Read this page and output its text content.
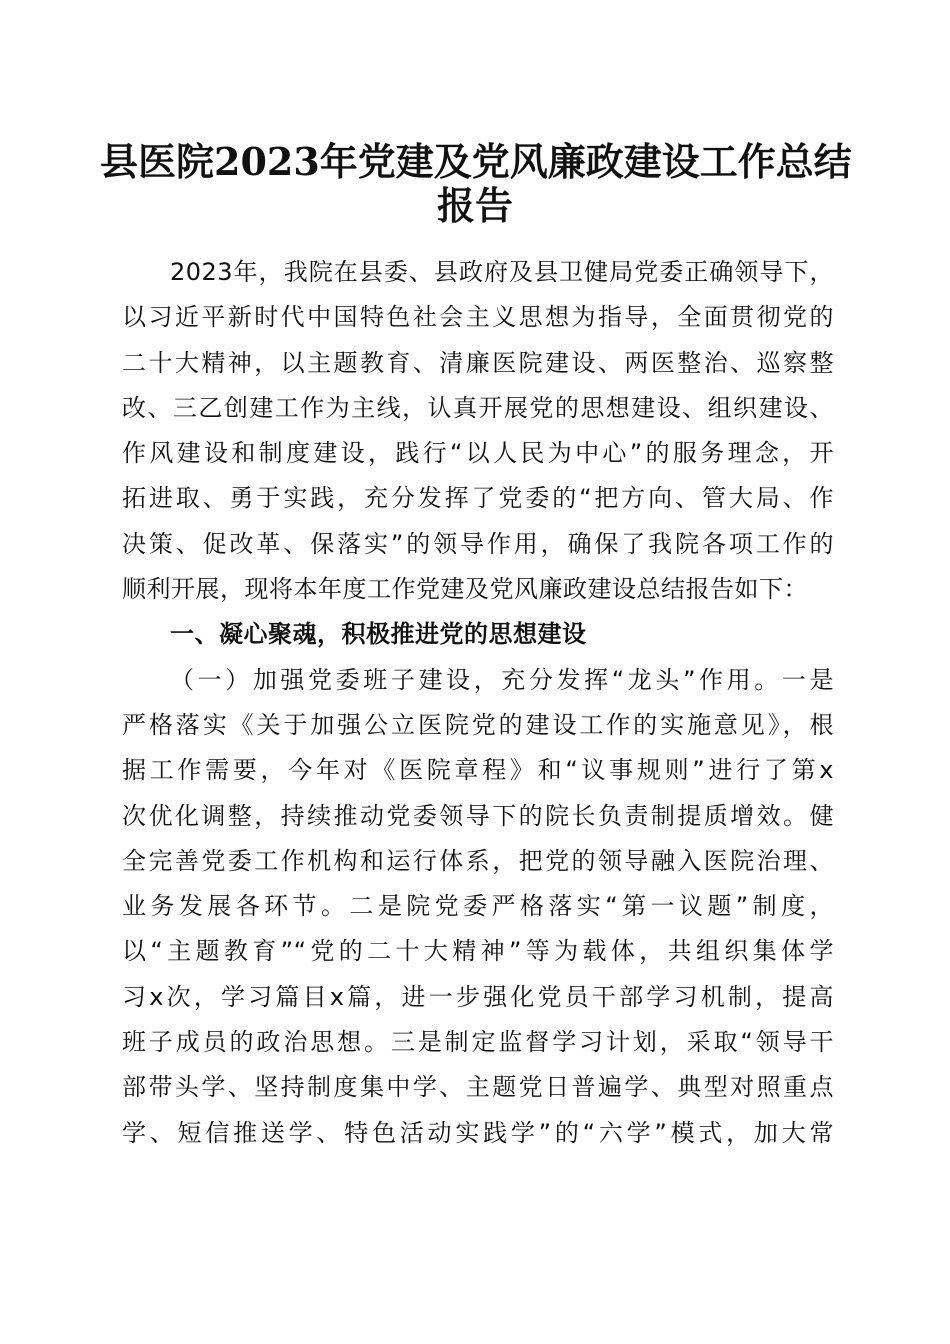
县医院2023年党建及党风廉政建设工作总结
报告
2023年，我院在县委、县政府及县卫健局党委正确领导下，
以习近平新时代中国特色社会主义思想为指导，全面贯彻党的
二十大精神，以主题教育、清廉医院建设、两医整治、巡察整
改、三乙创建工作为主线，认真开展党的思想建设、组织建设、
作风建设和制度建设，践行“以人民为中心”的服务理念，开
拓进取、勇于实践，充分发挥了党委的“把方向、管大局、作
决策、促改革、保落实”的领导作用，确保了我院各项工作的
顺利开展，现将本年度工作党建及党风廉政建设总结报告如下：
一、凝心聚魂，积极推进党的思想建设
（一）加强党委班子建设，充分发挥“龙头”作用。一是
严格落实《关于加强公立医院党的建设工作的实施意见》，根
据工作需要，今年对《医院章程》和“议事规则”进行了第x
次优化调整，持续推动党委领导下的院长负责制提质增效。健
全完善党委工作机构和运行体系，把党的领导融入医院治理、
业务发展各环节。二是院党委严格落实“第一议题”制度，
以“主题教育”“党的二十大精神”等为载体，共组织集体学
习x次，学习篇目x篇，进一步强化党员干部学习机制，提高
班子成员的政治思想。三是制定监督学习计划，采取“领导干
部带头学、坚持制度集中学、主题党日普遍学、典型对照重点
学、短信推送学、特色活动实践学”的“六学”模式，加大常
